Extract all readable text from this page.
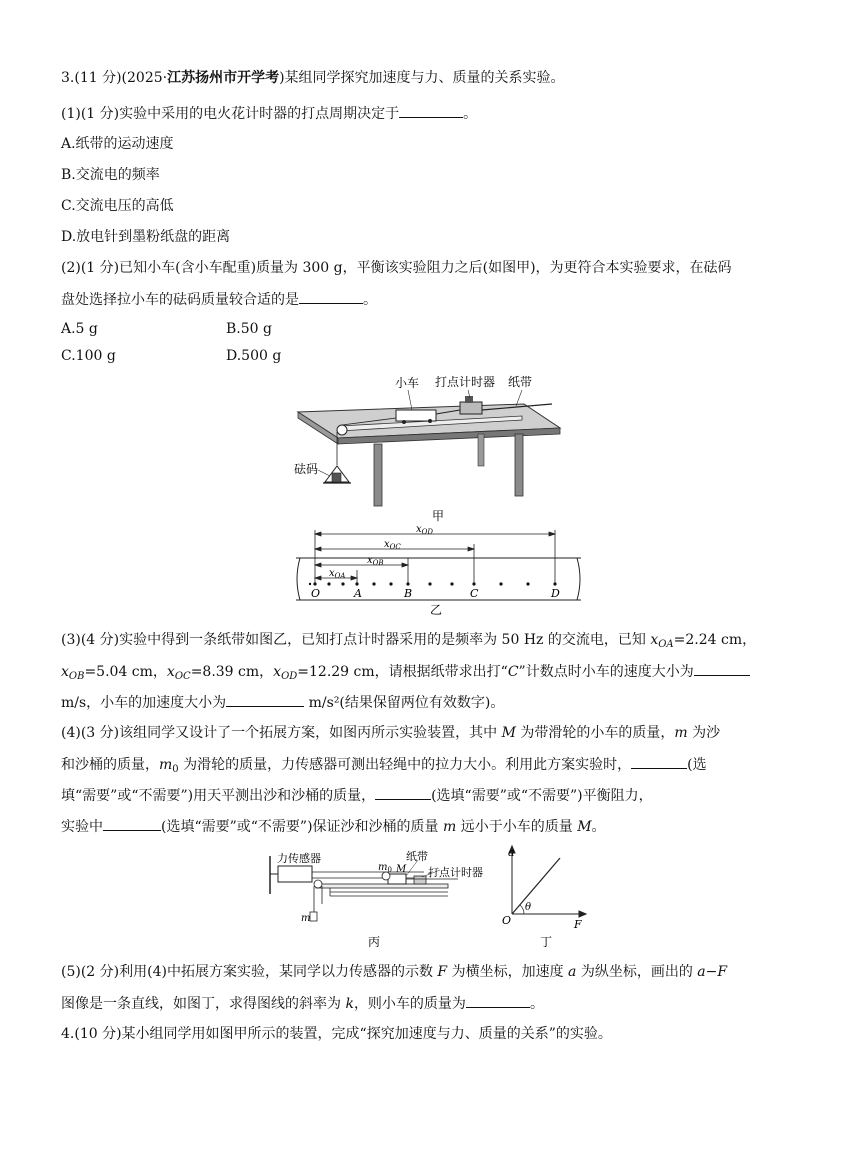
3.(11 分)(2025·江苏扬州市开学考)某组同学探究加速度与力、质量的关系实验。
(1)(1 分)实验中采用的电火花计时器的打点周期决定于	。
A.纸带的运动速度
B.交流电的频率
C.交流电压的高低
D.放电针到墨粉纸盘的距离
(2)(1 分)已知小车(含小车配重)质量为 300 g，平衡该实验阻力之后(如图甲)，为更符合本实验要求，在砝码
盘处选择拉小车的砝码质量较合适的是	。
A.5 g	B.50 g
C.100 g	D.500 g
小车 打点计时器 纸带
砝码
甲
$x_{OD}$
$x_{OC}$
$x_{OB}$
$x_{OA}$
O	A	B	C	D
乙
(3)(4 分)实验中得到一条纸带如图乙，已知打点计时器采用的是频率为 50 Hz 的交流电，已知 $x_{OA}=2.24$ cm，
$x_{OB}=5.04$ cm，$x_{OC}=8.39$ cm，$x_{OD}=12.29$ cm，请根据纸带求出打“C”计数点时小车的速度大小为
m/s，小车的加速度大小为	m/s²(结果保留两位有效数字)。
(4)(3 分)该组同学又设计了一个拓展方案，如图丙所示实验装置，其中 M 为带滑轮的小车的质量，m 为沙
和沙桶的质量，$m_0$ 为滑轮的质量，力传感器可测出轻绳中的拉力大小。利用此方案实验时，	(选
填“需要”或“不需要”)用天平测出沙和沙桶的质量，	(选填“需要”或“不需要”)平衡阻力，
实验中	(选填“需要”或“不需要”)保证沙和沙桶的质量 m 远小于小车的质量 M。
力传感器	纸带
打点计时器
$m_0$ M
m
丙
a
F
O
θ
丁
(5)(2 分)利用(4)中拓展方案实验，某同学以力传感器的示数 F 为横坐标，加速度 a 为纵坐标，画出的 a−F
图像是一条直线，如图丁，求得图线的斜率为 k，则小车的质量为	。
4.(10 分)某小组同学用如图甲所示的装置，完成“探究加速度与力、质量的关系”的实验。
